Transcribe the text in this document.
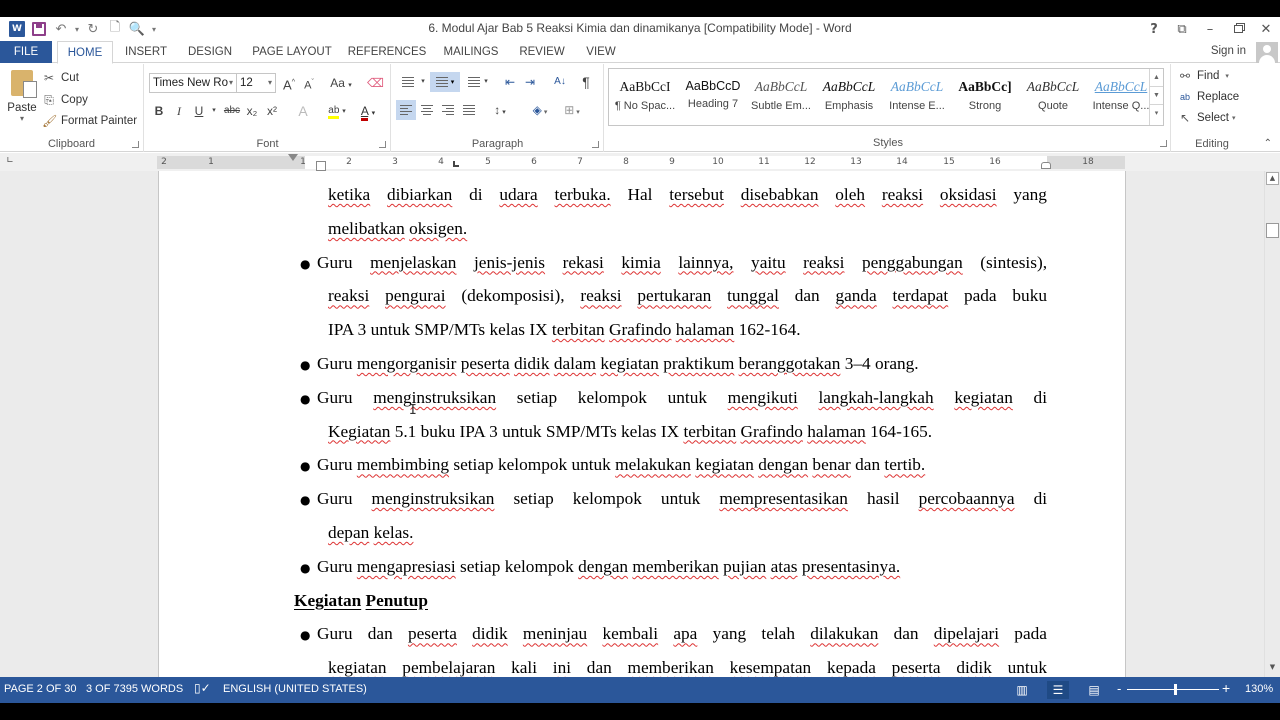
W	↶	▾ ↻ 🗋 🔍 ▾	6. Modul Ajar Bab 5 Reaksi Kimia dan dinamikanya [Compatibility Mode] - Word	?	⧉	–	✕
FILE	HOME	INSERT	DESIGN	PAGE LAYOUT	REFERENCES	MAILINGS	REVIEW	VIEW	Sign in
Paste
▾
✂ Cut
⎘ Copy
🖌 Format Painter
Clipboard
Times New Ro ▾ 12 ▾ A^ $A^ˇ$ Aa ▾ ⌫
B	I	U	▾ abc x₂ x²	A	ab ▾	A ▾
Font
▾	▾	▾	⇤ ⇥	A↓	¶
↕ ▾	◈ ▾	⊞ ▾
Paragraph
AaBbCcI
¶ No Spac...
AaBbCcD
Heading 7
AaBbCcL
Subtle Em...
AaBbCcL
Emphasis
AaBbCcL
Intense E...
AaBbCc]
Strong
AaBbCcL
Quote
AaBbCcL
Intense Q...
▲
▼
▾
Styles
⚯ Find ▾
ab Replace
↖ Select ▾
Editing	⌃
∟	2	1	1	2	3	4	5	6	7	8	9	10	11	12	13	14	15	16	18
ketika dibiarkan di udara terbuka. Hal tersebut disebabkan oleh reaksi oksidasi yang
melibatkan oksigen.
● Guru menjelaskan jenis-jenis rekasi kimia lainnya, yaitu reaksi penggabungan (sintesis),
reaksi pengurai (dekomposisi), reaksi pertukaran tunggal dan ganda terdapat pada buku
IPA 3 untuk SMP/MTs kelas IX terbitan Grafindo halaman 162-164.
● Guru mengorganisir peserta didik dalam kegiatan praktikum beranggotakan 3–4 orang.
● Guru menginstruksikan setiap kelompok untuk mengikuti langkah-langkah kegiatan di
Kegiatan 5.1 buku IPA 3 untuk SMP/MTs kelas IX terbitan Grafindo halaman 164-165.
● Guru membimbing setiap kelompok untuk melakukan kegiatan dengan benar dan tertib.
● Guru menginstruksikan setiap kelompok untuk mempresentasikan hasil percobaannya di
depan kelas.
● Guru mengapresiasi setiap kelompok dengan memberikan pujian atas presentasinya.
Kegiatan Penutup
● Guru dan peserta didik meninjau kembali apa yang telah dilakukan dan dipelajari pada
kegiatan pembelajaran kali ini dan memberikan kesempatan kepada peserta didik untuk
I
▲
▼
PAGE 2 OF 30 3 OF 7395 WORDS ▯✓ ENGLISH (UNITED STATES)	▥	☰	▤	-	+ 130%
